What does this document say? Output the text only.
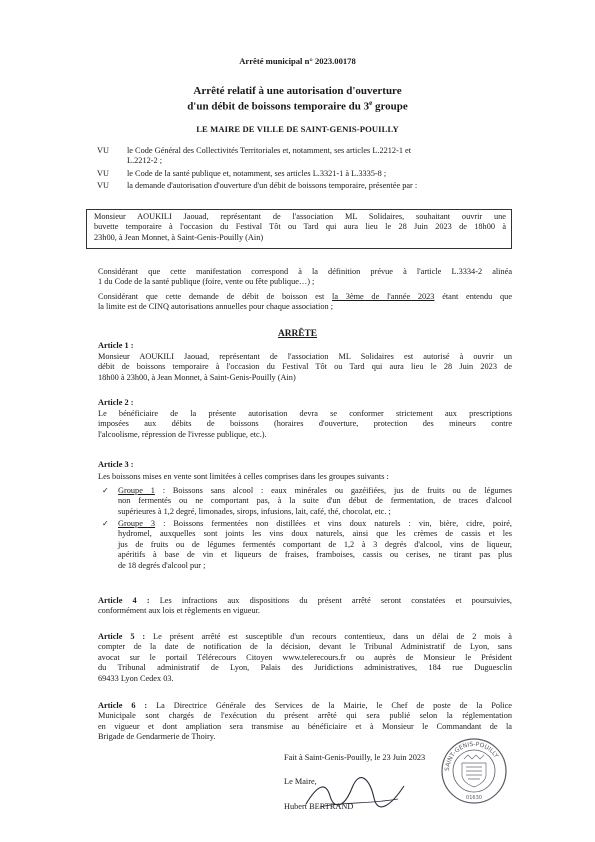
Arrêté municipal n° 2023.00178

Arrêté relatif à une autorisation d'ouverture

d'un débit de boissons temporaire du 3e groupe

LE MAIRE DE VILLE DE SAINT-GENIS-POUILLY

VU le Code Général des Collectivités Territoriales et, notamment, ses articles L.2212-1 et
L.2212-2 ;
VU le Code de la santé publique et, notamment, ses articles L.3321-1 à L.3335-8 ;
VU la demande d'autorisation d'ouverture d'un débit de boissons temporaire, présentée par :
Monsieur AOUKILI Jaouad, représentant de l'association ML Solidaires, souhaitant ouvrir une
buvette temporaire à l'occasion du Festival Tôt ou Tard qui aura lieu le 28 Juin 2023 de 18h00 à
23h00, à Jean Monnet, à Saint-Genis-Pouilly (Ain)
Considérant que cette manifestation correspond à la définition prévue à l'article L.3334-2 alinéa
1 du Code de la santé publique (foire, vente ou fête publique…) ;
Considérant que cette demande de débit de boisson est la 3ème de l'année 2023 étant entendu que
la limite est de CINQ autorisations annuelles pour chaque association ;

ARRÊTE

Article 1 :

Monsieur AOUKILI Jaouad, représentant de l'association ML Solidaires est autorisé à ouvrir un
débit de boissons temporaire à l'occasion du Festival Tôt ou Tard qui aura lieu le 28 Juin 2023 de
18h00 à 23h00, à Jean Monnet, à Saint-Genis-Pouilly (Ain)

Article 2 :

Le bénéficiaire de la présente autorisation devra se conformer strictement aux prescriptions
imposées aux débits de boissons (horaires d'ouverture, protection des mineurs contre
l'alcoolisme, répression de l'ivresse publique, etc.).

Article 3 :

Les boissons mises en vente sont limitées à celles comprises dans les groupes suivants :
✓ Groupe 1 : Boissons sans alcool : eaux minérales ou gazéifiées, jus de fruits ou de légumes
non fermentés ou ne comportant pas, à la suite d'un début de fermentation, de traces d'alcool
supérieures à 1,2 degré, limonades, sirops, infusions, lait, café, thé, chocolat, etc. ;
✓ Groupe 3 : Boissons fermentées non distillées et vins doux naturels : vin, bière, cidre, poiré,
hydromel, auxquelles sont joints les vins doux naturels, ainsi que les crèmes de cassis et les
jus de fruits ou de légumes fermentés comportant de 1,2 à 3 degrés d'alcool, vins de liqueur,
apéritifs à base de vin et liqueurs de fraises, framboises, cassis ou cerises, ne tirant pas plus
de 18 degrés d'alcool pur ;
Article 4 : Les infractions aux dispositions du présent arrêté seront constatées et poursuivies,
conformément aux lois et règlements en vigueur.
Article 5 : Le présent arrêté est susceptible d'un recours contentieux, dans un délai de 2 mois à
compter de la date de notification de la décision, devant le Tribunal Administratif de Lyon, sans
avocat sur le portail Télérecours Citoyen www.telerecours.fr ou auprès de Monsieur le Président
du Tribunal administratif de Lyon, Palais des Juridictions administratives, 184 rue Duguesclin
69433 Lyon Cedex 03.
Article 6 : La Directrice Générale des Services de la Mairie, le Chef de poste de la Police
Municipale sont chargés de l'exécution du présent arrêté qui sera publié selon la réglementation
en vigueur et dont ampliation sera transmise au bénéficiaire et à Monsieur le Commandant de la
Brigade de Gendarmerie de Thoiry.

Fait à Saint-Genis-Pouilly, le 23 Juin 2023

Le Maire,

Hubert BERTRAND

SAINT-GENIS-POUILLY
01630
